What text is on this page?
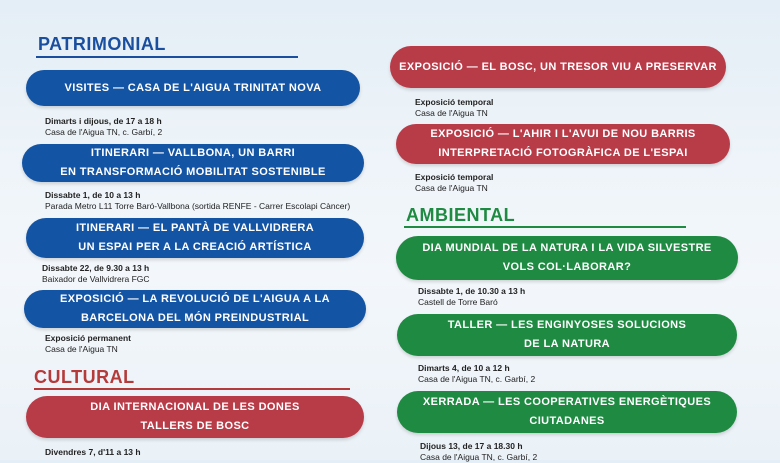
PATRIMONIAL
VISITES — CASA DE L'AIGUA TRINITAT NOVA
Dimarts i dijous, de 17 a 18 h
Casa de l'Aigua TN, c. Garbí, 2
ITINERARI — VALLBONA, UN BARRI
EN TRANSFORMACIÓ MOBILITAT SOSTENIBLE
Dissabte 1, de 10 a 13 h
Parada Metro L11 Torre Baró-Vallbona (sortida RENFE - Carrer Escolapi Càncer)
ITINERARI — EL PANTÀ DE VALLVIDRERA
UN ESPAI PER A LA CREACIÓ ARTÍSTICA
Dissabte 22, de 9.30 a 13 h
Baixador de Vallvidrera FGC
EXPOSICIÓ — LA REVOLUCIÓ DE L'AIGUA A LA
BARCELONA DEL MÓN PREINDUSTRIAL
Exposició permanent
Casa de l'Aigua TN
CULTURAL
DIA INTERNACIONAL DE LES DONES
TALLERS DE BOSC
Divendres 7, d'11 a 13 h
EXPOSICIÓ — EL BOSC, UN TRESOR VIU A PRESERVAR
Exposició temporal
Casa de l'Aigua TN
EXPOSICIÓ — L'AHIR I L'AVUI DE NOU BARRIS
INTERPRETACIÓ FOTOGRÀFICA DE L'ESPAI
Exposició temporal
Casa de l'Aigua TN
AMBIENTAL
DIA MUNDIAL DE LA NATURA I LA VIDA SILVESTRE
VOLS COL·LABORAR?
Dissabte 1, de 10.30 a 13 h
Castell de Torre Baró
TALLER — LES ENGINYOSES SOLUCIONS
DE LA NATURA
Dimarts 4, de 10 a 12 h
Casa de l'Aigua TN, c. Garbí, 2
XERRADA — LES COOPERATIVES ENERGÈTIQUES
CIUTADANES
Dijous 13, de 17 a 18.30 h
Casa de l'Aigua TN, c. Garbí, 2
